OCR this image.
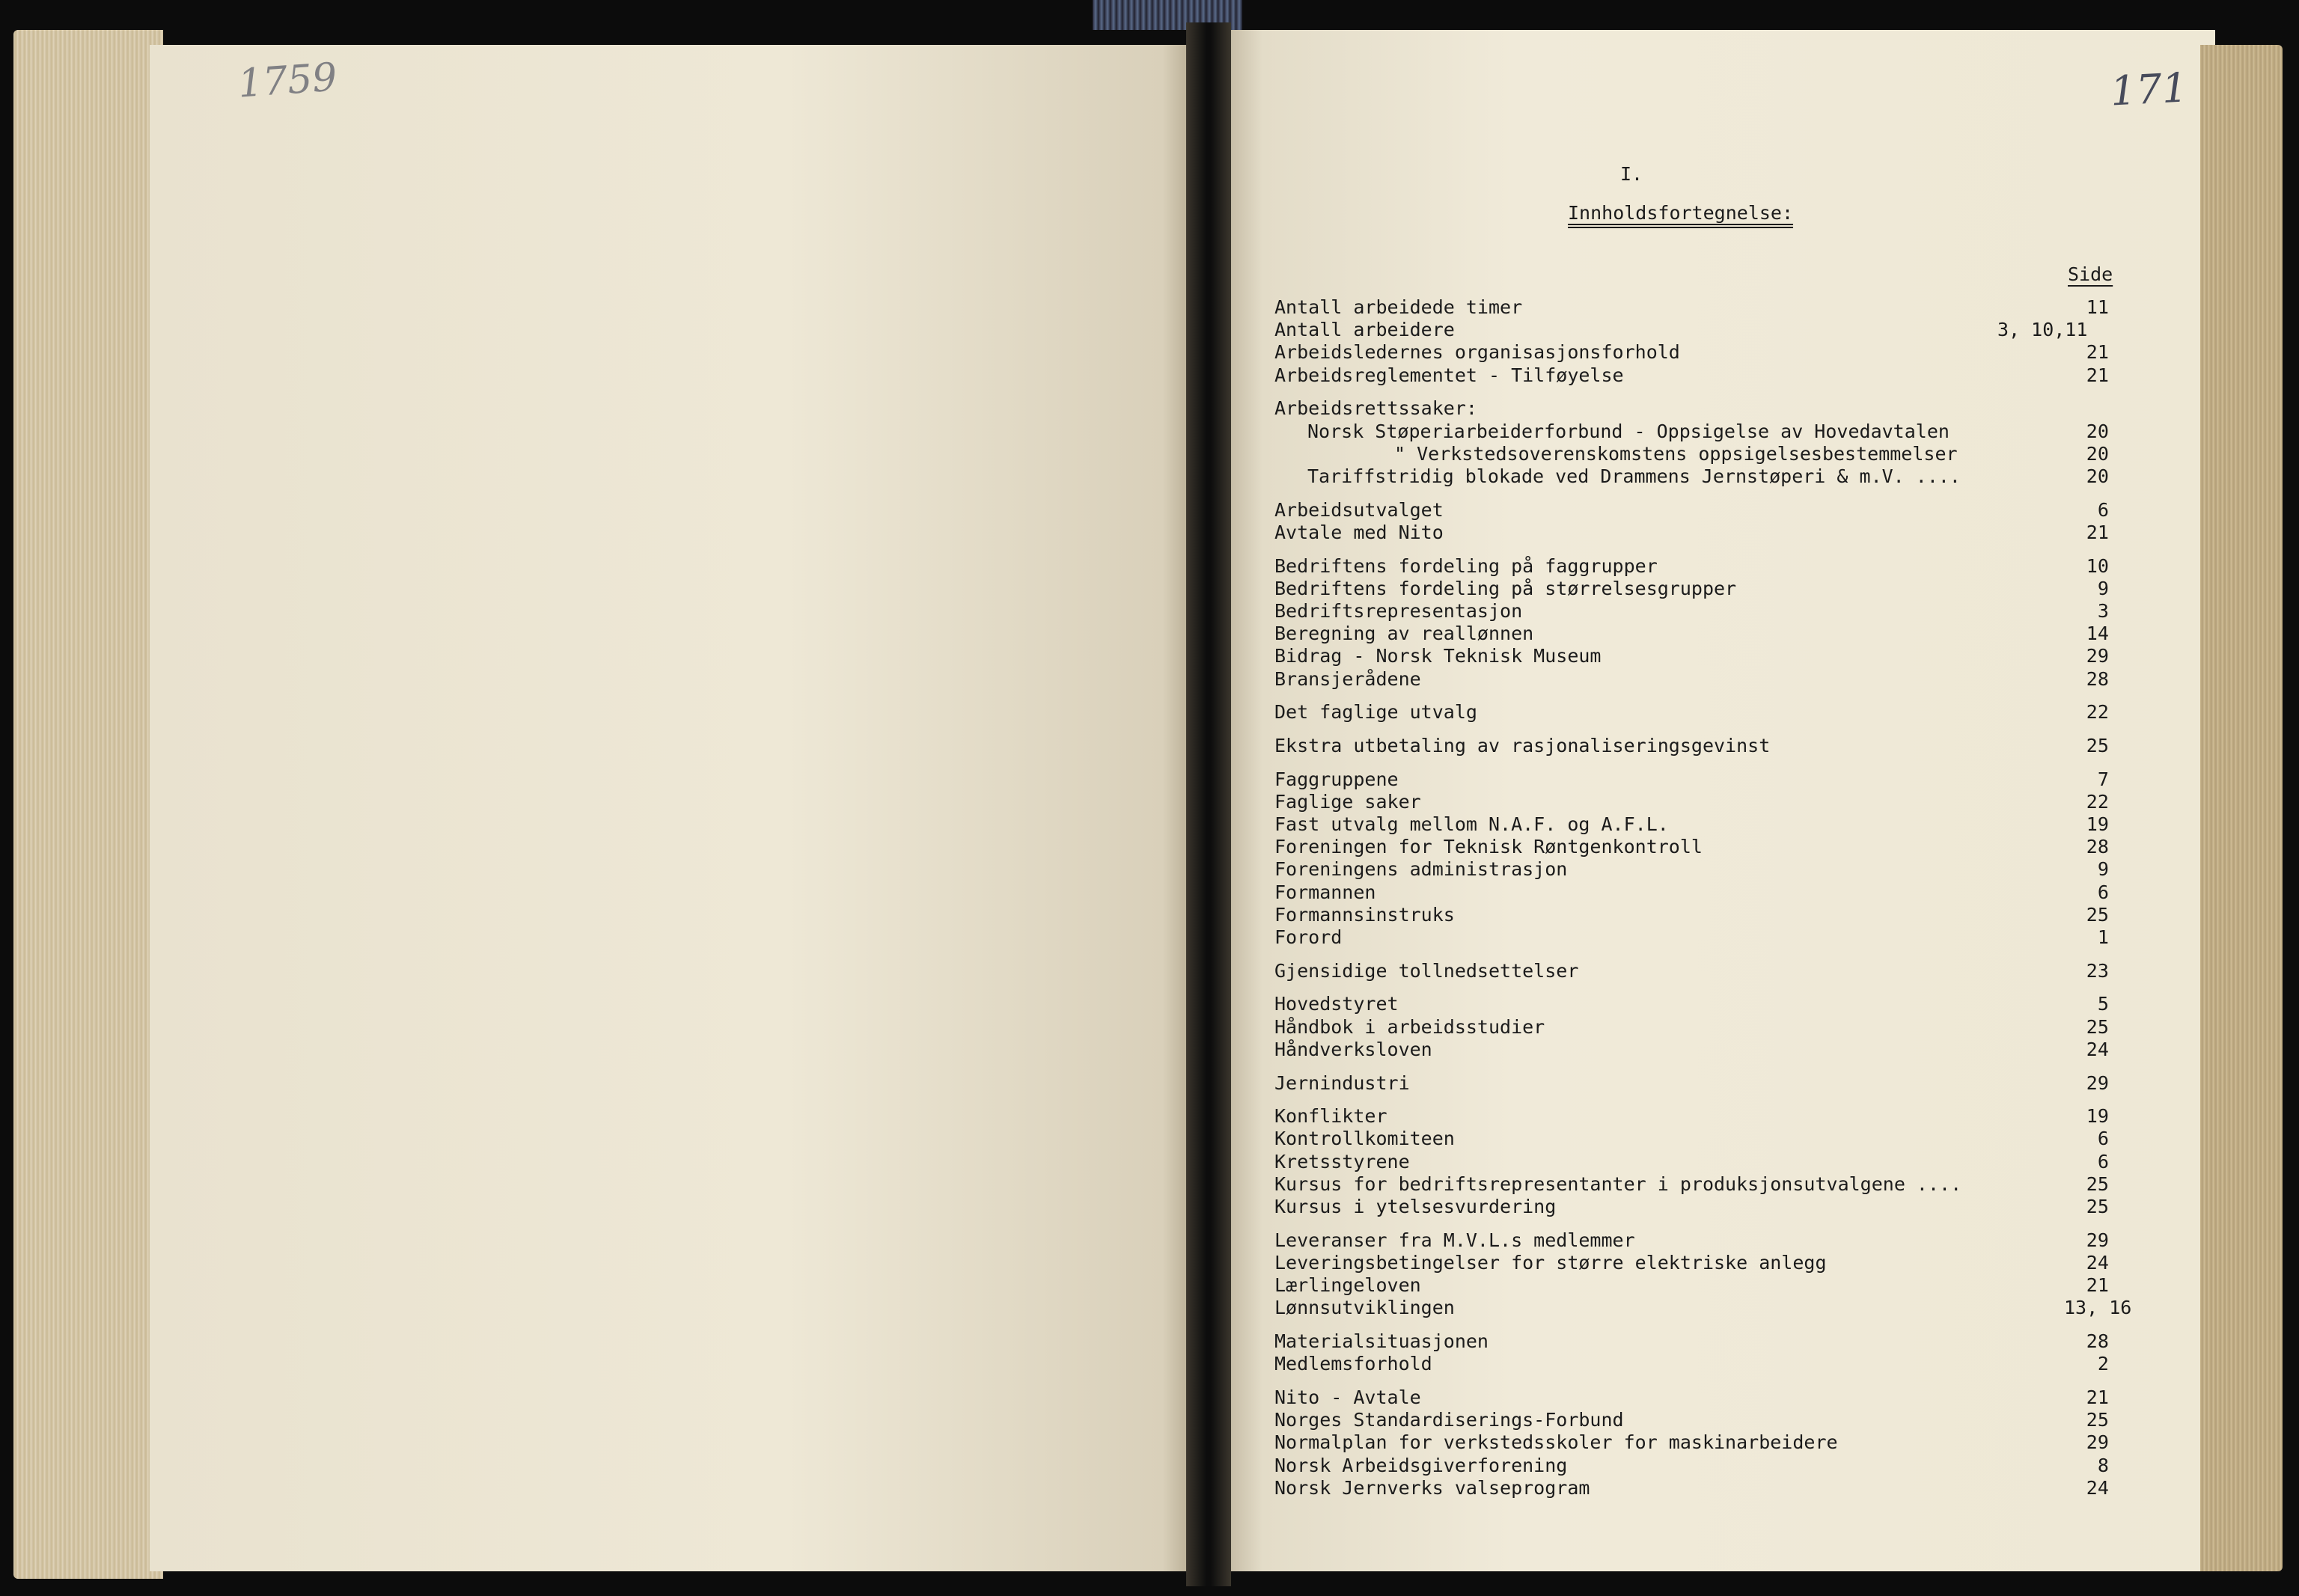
1759	171
I.
Innholdsfortegnelse:
Side
Antall arbeidede timer	11
Antall arbeidere	3, 10,11
Arbeidsledernes organisasjonsforhold	21
Arbeidsreglementet - Tilføyelse	21
Arbeidsrettssaker:
Norsk Støperiarbeiderforbund - Oppsigelse av Hovedavtalen	20
" Verkstedsoverenskomstens oppsigelsesbestemmelser	20
Tariffstridig blokade ved Drammens Jernstøperi & m.V. ....	20
Arbeidsutvalget	6
Avtale med Nito	21
Bedriftens fordeling på faggrupper	10
Bedriftens fordeling på størrelsesgrupper	9
Bedriftsrepresentasjon	3
Beregning av reallønnen	14
Bidrag - Norsk Teknisk Museum	29
Bransjerådene	28
Det faglige utvalg	22
Ekstra utbetaling av rasjonaliseringsgevinst	25
Faggruppene	7
Faglige saker	22
Fast utvalg mellom N.A.F. og A.F.L.	19
Foreningen for Teknisk Røntgenkontroll	28
Foreningens administrasjon	9
Formannen	6
Formannsinstruks	25
Forord	1
Gjensidige tollnedsettelser	23
Hovedstyret	5
Håndbok i arbeidsstudier	25
Håndverksloven	24
Jernindustri	29
Konflikter	19
Kontrollkomiteen	6
Kretsstyrene	6
Kursus for bedriftsrepresentanter i produksjonsutvalgene ....	25
Kursus i ytelsesvurdering	25
Leveranser fra M.V.L.s medlemmer	29
Leveringsbetingelser for større elektriske anlegg	24
Lærlingeloven	21
Lønnsutviklingen	13, 16
Materialsituasjonen	28
Medlemsforhold	2
Nito - Avtale	21
Norges Standardiserings-Forbund	25
Normalplan for verkstedsskoler for maskinarbeidere	29
Norsk Arbeidsgiverforening	8
Norsk Jernverks valseprogram	24
